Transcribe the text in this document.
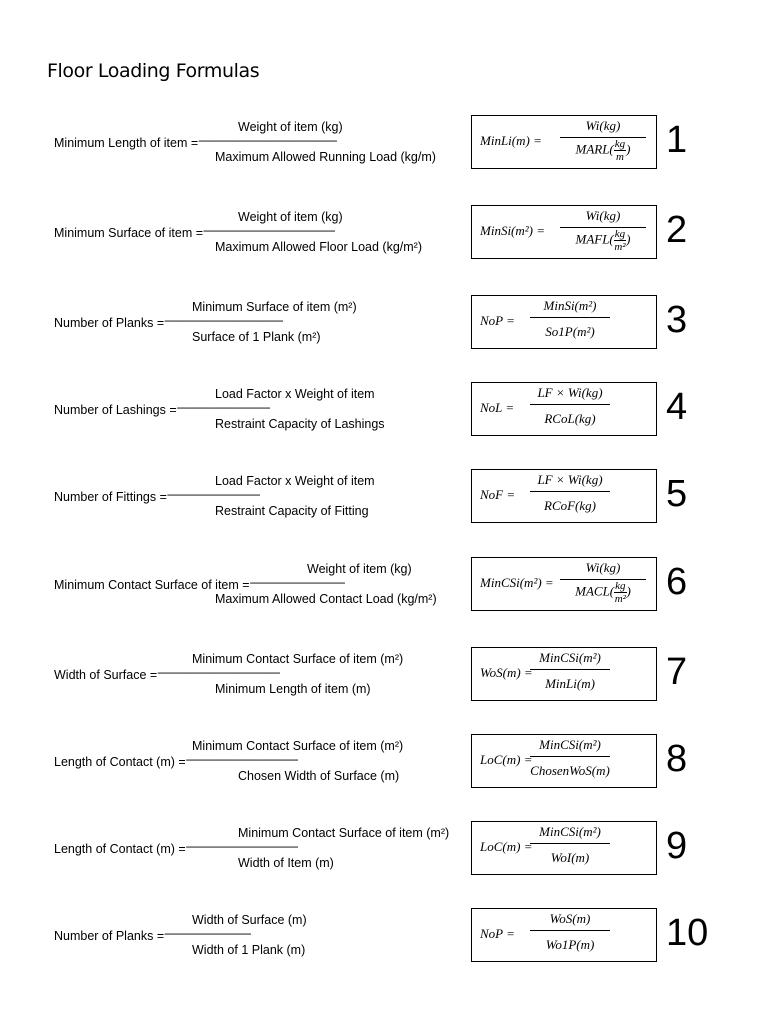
Floor Loading Formulas
Weight of item (kg)
Minimum Length of item =----------------------------------------------------------------
Maximum Allowed Running Load (kg/m)
MinLi(m) =
Wi(kg)
MARL( $\frac{kg}{m}$ ) 1
Weight of item (kg)
Minimum Surface of item =-------------------------------------------------------------
Maximum Allowed Floor Load (kg/m²)
MinSi(m²) =
Wi(kg)
MAFL( $\frac{kg}{\text{m²}}$ ) 2
Minimum Surface of item (m²)
Number of Planks =-------------------------------------------------------
Surface of 1 Plank (m²)
NoP =
MinSi(m²)
So1P(m²)	3
Load Factor x Weight of item
Number of Lashings =-------------------------------------------
Restraint Capacity of Lashings
NoL =
LF × Wi(kg)
RCoL(kg)	4
Load Factor x Weight of item
Number of Fittings =-------------------------------------------
Restraint Capacity of Fitting
NoF =
LF × Wi(kg)
RCoF(kg)	5
Weight of item (kg)
Minimum Contact Surface of item =--------------------------------------------
Maximum Allowed Contact Load (kg/m²)
MinCSi(m²) =
Wi(kg)
MACL( $\frac{kg}{\text{m²}}$ ) 6
Minimum Contact Surface of item (m²)
Width of Surface =---------------------------------------------------------
Minimum Length of item (m)
WoS(m) =
MinCSi(m²)
MinLi(m)	7
Minimum Contact Surface of item (m²)
Length of Contact (m) =----------------------------------------------------
Chosen Width of Surface (m)
LoC(m) =
MinCSi(m²)
ChosenWoS(m) 8
Minimum Contact Surface of item (m²)
Length of Contact (m) =----------------------------------------------------
Width of Item (m)
LoC(m) =
MinCSi(m²)
WoI(m)	9
Width of Surface (m)
Number of Planks =----------------------------------------
Width of 1 Plank (m)
NoP =
WoS(m)
Wo1P(m)	10
